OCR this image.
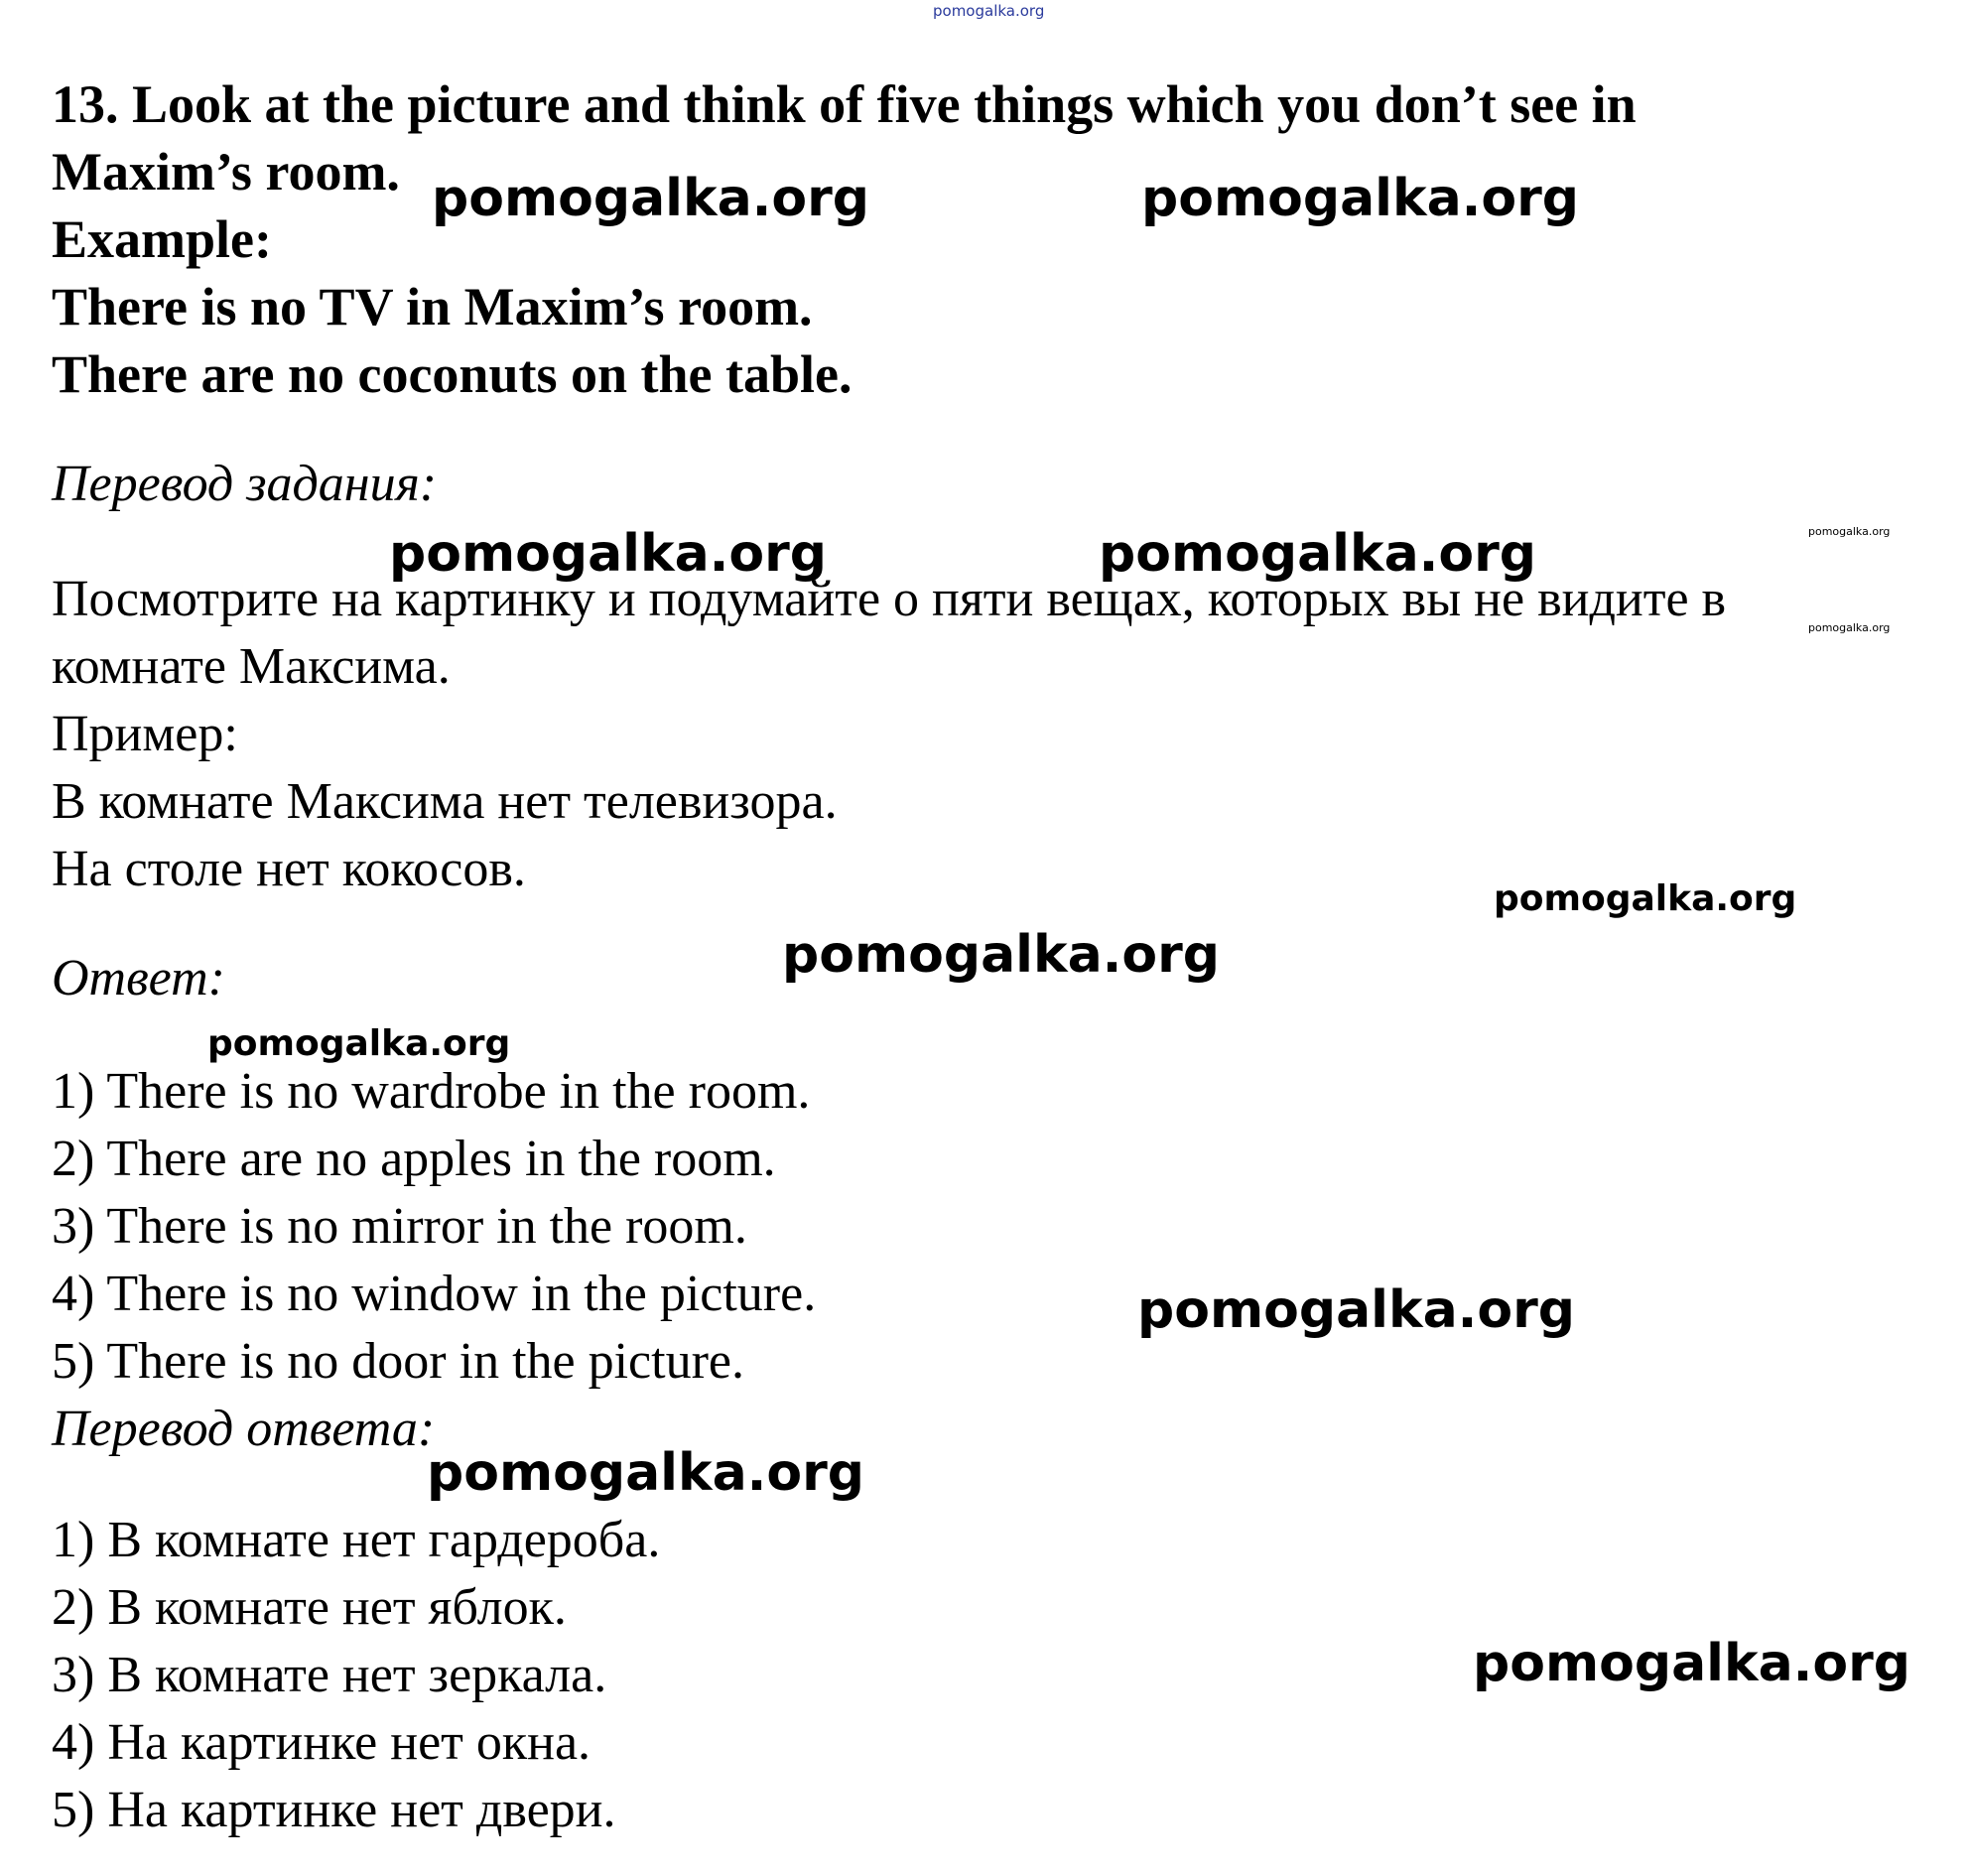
13. Look at the picture and think of five things which you don’t see in
Maxim’s room.
Example:
There is no TV in Maxim’s room.
There are no coconuts on the table.
Перевод задания:
Посмотрите на картинку и подумайте о пяти вещах, которых вы не видите в
комнате Максима.
Пример:
В комнате Максима нет телевизора.
На столе нет кокосов.
Ответ:
1) There is no wardrobe in the room.
2) There are no apples in the room.
3) There is no mirror in the room.
4) There is no window in the picture.
5) There is no door in the picture.
Перевод ответа:
1) В комнате нет гардероба.
2) В комнате нет яблок.
3) В комнате нет зеркала.
4) На картинке нет окна.
5) На картинке нет двери.
pomogalka.org
pomogalka.org	pomogalka.org
pomogalka.org	pomogalka.org	pomogalka.org
pomogalka.org
pomogalka.org
pomogalka.org
pomogalka.org
pomogalka.org
pomogalka.org
pomogalka.org
